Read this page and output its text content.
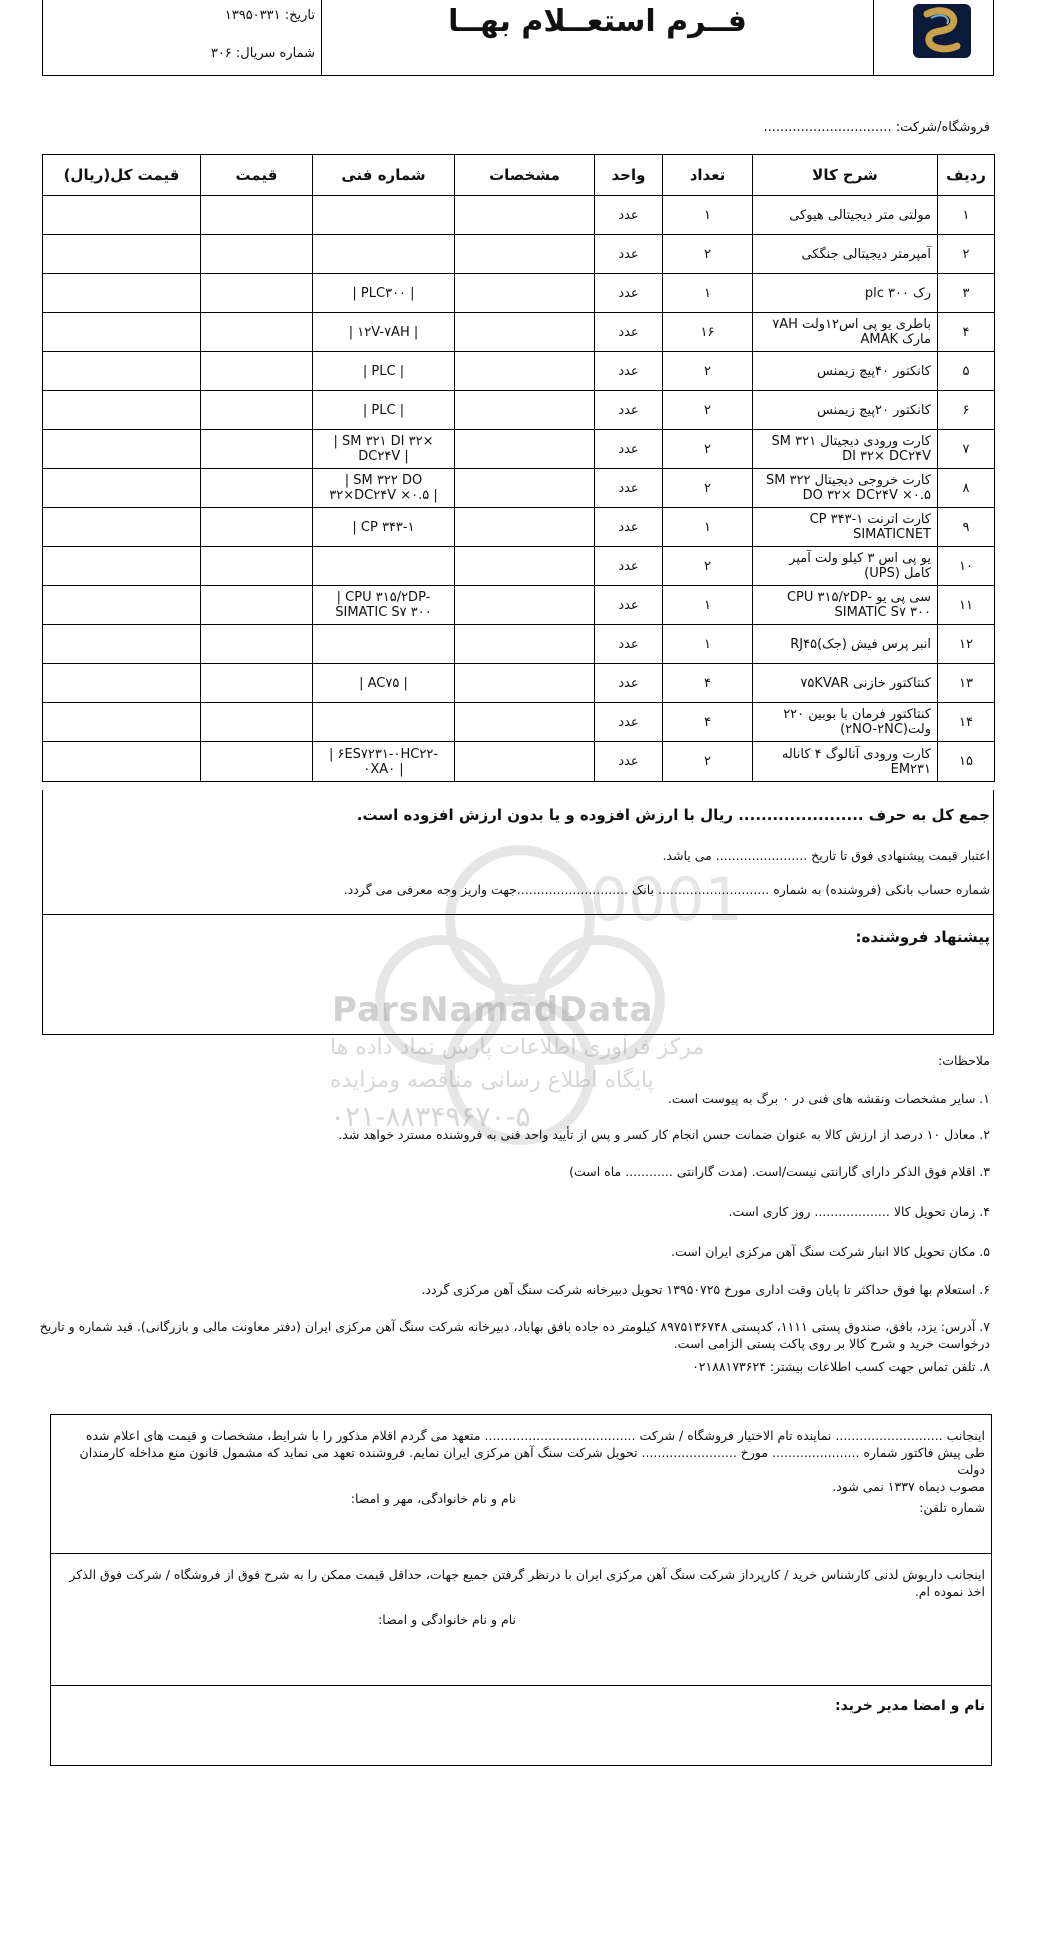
فــرم استعــلام بهــا
تاریخ: ۱۳۹۵۰۳۳۱
شماره سریال: ۳۰۶
فروشگاه/شرکت: ...............................
0001
ParsNamadData
مرکز فرآوری اطلاعات پارس نماد داده ها
پایگاه اطلاع رسانی مناقصه ومزایده
۰۲۱-۸۸۳۴۹۶۷۰-۵
ردیف	شرح کالا	تعداد	واحد	مشخصات	شماره فنی	قیمت	قیمت کل(ریال)
۱	مولتی متر دیجیتالی هیوکی	۱	عدد				
۲	آمپرمتر دیجیتالی جنگکی	۲	عدد				
۳	رک ۳۰۰ plc	۱	عدد		| PLC۳۰۰ |		
۴	باطری یو پی اس۱۲ولت ۷AH مارک AMAK	۱۶	عدد		| ۱۲V-۷AH |		
۵	کانکتور ۴۰پیچ زیمنس	۲	عدد		| PLC |		
۶	کانکتور ۲۰پیچ زیمنس	۲	عدد		| PLC |		
۷	کارت ورودی دیجیتال SM ۳۲۱ DI ۳۲× DC۲۴V	۲	عدد		| SM ۳۲۱ DI ۳۲× DC۲۴V |		
۸	کارت خروجی دیجیتال SM ۳۲۲ DO ۳۲× DC۲۴V ×۰.۵	۲	عدد		| SM ۳۲۲ DO ۳۲×DC۲۴V ×۰.۵ |		
۹	کارت اترنت CP ۳۴۳-۱ SIMATICNET	۱	عدد		| CP ۳۴۳-۱		
۱۰	یو پی اس ۳ کیلو ولت آمپر کامل (UPS)	۲	عدد				
۱۱	سی پی یو CPU ۳۱۵/۲DP- SIMATIC S۷ ۳۰۰	۱	عدد		| CPU ۳۱۵/۲DP- SIMATIC S۷ ۳۰۰		
۱۲	انبر پرس فیش (جک)RJ۴۵	۱	عدد				
۱۳	کنتاکتور خازنی ۷۵KVAR	۴	عدد		| AC۷۵ |		
۱۴	کنتاکتور فرمان با بوبین ۲۲۰ ولت(۲NO-۲NC)	۴	عدد				
۱۵	کارت ورودی آنالوگ ۴ کاناله EM۲۳۱	۲	عدد		| ۶ES۷۲۳۱-۰HC۲۲- ۰XA۰ |		
جمع کل به حرف ...................... ریال با ارزش افزوده و یا بدون ارزش افزوده است.
اعتبار قیمت پیشنهادی فوق تا تاریخ ....................... می باشد.
شماره حساب بانکی (فروشنده) به شماره ............................ بانک ............................جهت واریز وجه معرفی می گردد.
پیشنهاد فروشنده:
ملاحظات:
۱. سایر مشخصات ونقشه های فنی در ۰ برگ به پیوست است.
۲. معادل ۱۰ درصد از ارزش کالا به عنوان ضمانت حسن انجام کار کسر و پس از تأیید واحد فنی به فروشنده مسترد خواهد شد.
۳. اقلام فوق الذکر دارای گارانتی نیست/است. (مدت گارانتی ............ ماه است)
۴. زمان تحویل کالا ................... روز کاری است.
۵. مکان تحویل کالا انبار شرکت سنگ آهن مرکزی ایران است.
۶. استعلام بها فوق حداکثر تا پایان وقت اداری مورخ ۱۳۹۵۰۷۲۵ تحویل دبیرخانه شرکت سنگ آهن مرکزی گردد.
۷. آدرس: یزد، بافق، صندوق پستی ۱۱۱۱، کدپستی ۸۹۷۵۱۳۶۷۴۸ کیلومتر ده جاده بافق بهاباد، دبیرخانه شرکت سنگ آهن مرکزی ایران (دفتر معاونت مالی و بازرگانی). قید شماره و تاریخ درخواست خرید و شرح کالا بر روی پاکت پستی الزامی است.
۸. تلفن تماس جهت کسب اطلاعات بیشتر: ۰۲۱۸۸۱۷۳۶۲۴

اینجانب ........................... نماینده تام الاختیار فروشگاه / شرکت ...................................... متعهد می گردم اقلام مذکور را با شرایط، مشخصات و قیمت های اعلام شده

طی پیش فاکتور شماره ...................... مورخ ........................ تحویل شرکت سنگ آهن مرکزی ایران نمایم. فروشنده تعهد می نماید که مشمول قانون منع مداخله کارمندان دولت

مصوب دیماه ۱۳۳۷ نمی شود.

شماره تلفن:

نام و نام خانوادگی، مهر و امضا:

اینجانب داریوش لدنی کارشناس خرید / کارپرداز شرکت سنگ آهن مرکزی ایران با درنظر گرفتن جمیع جهات، حداقل قیمت ممکن را به شرح فوق از فروشگاه / شرکت فوق الذکر

اخذ نموده ام.

نام و نام خانوادگی و امضا:
نام و امضا مدیر خرید:
